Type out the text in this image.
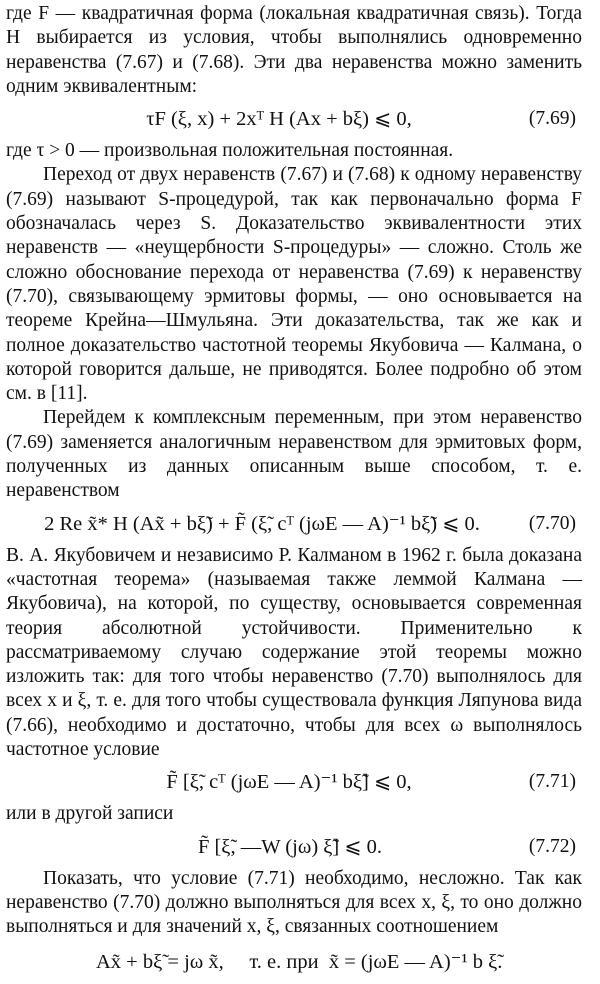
где F — квадратичная форма (локальная квадратичная связь). Тогда H выбирается из условия, чтобы выполнялись одновременно неравенства (7.67) и (7.68). Эти два неравенства можно заменить одним эквивалентным:

τF (ξ, x) + 2xᵀ H (Ax + bξ) ⩽ 0,	(7.69)

где τ > 0 — произвольная положительная постоянная.

Переход от двух неравенств (7.67) и (7.68) к одному неравенству (7.69) называют S-процедурой, так как первоначально форма F обозначалась через S. Доказательство эквивалентности этих неравенств — «неущербности S-процедуры» — сложно. Столь же сложно обоснование перехода от неравенства (7.69) к неравенству (7.70), связывающему эрмитовы формы, — оно основывается на теореме Крейна—Шмульяна. Эти доказательства, так же как и полное доказательство частотной теоремы Якубовича — Калмана, о которой говорится дальше, не приводятся. Более подробно об этом см. в [11].

Перейдем к комплексным переменным, при этом неравенство (7.69) заменяется аналогичным неравенством для эрмитовых форм, полученных из данных описанным выше способом, т. е. неравенством

2 Re x̃* H (Ax̃ + bξ̃) + F̃ (ξ̃, cᵀ (jωE — A)⁻¹ bξ̃) ⩽ 0.	(7.70)

В. А. Якубовичем и независимо Р. Калманом в 1962 г. была доказана «частотная теорема» (называемая также леммой Калмана — Якубовича), на которой, по существу, основывается современная теория абсолютной устойчивости. Применительно к рассматриваемому случаю содержание этой теоремы можно изложить так: для того чтобы неравенство (7.70) выполнялось для всех x и ξ, т. е. для того чтобы существовала функция Ляпунова вида (7.66), необходимо и достаточно, чтобы для всех ω выполнялось частотное условие

F̃ [ξ̃, cᵀ (jωE — A)⁻¹ bξ̃] ⩽ 0,	(7.71)

или в другой записи

F̃ [ξ̃, —W (jω) ξ̃] ⩽ 0.	(7.72)

Показать, что условие (7.71) необходимо, несложно. Так как неравенство (7.70) должно выполняться для всех x, ξ, то оно должно выполняться и для значений x, ξ, связанных соотношением

Ax̃ + bξ̃ = jω x̃,     т. е. при  x̃ = (jωE — A)⁻¹ b ξ̃.
